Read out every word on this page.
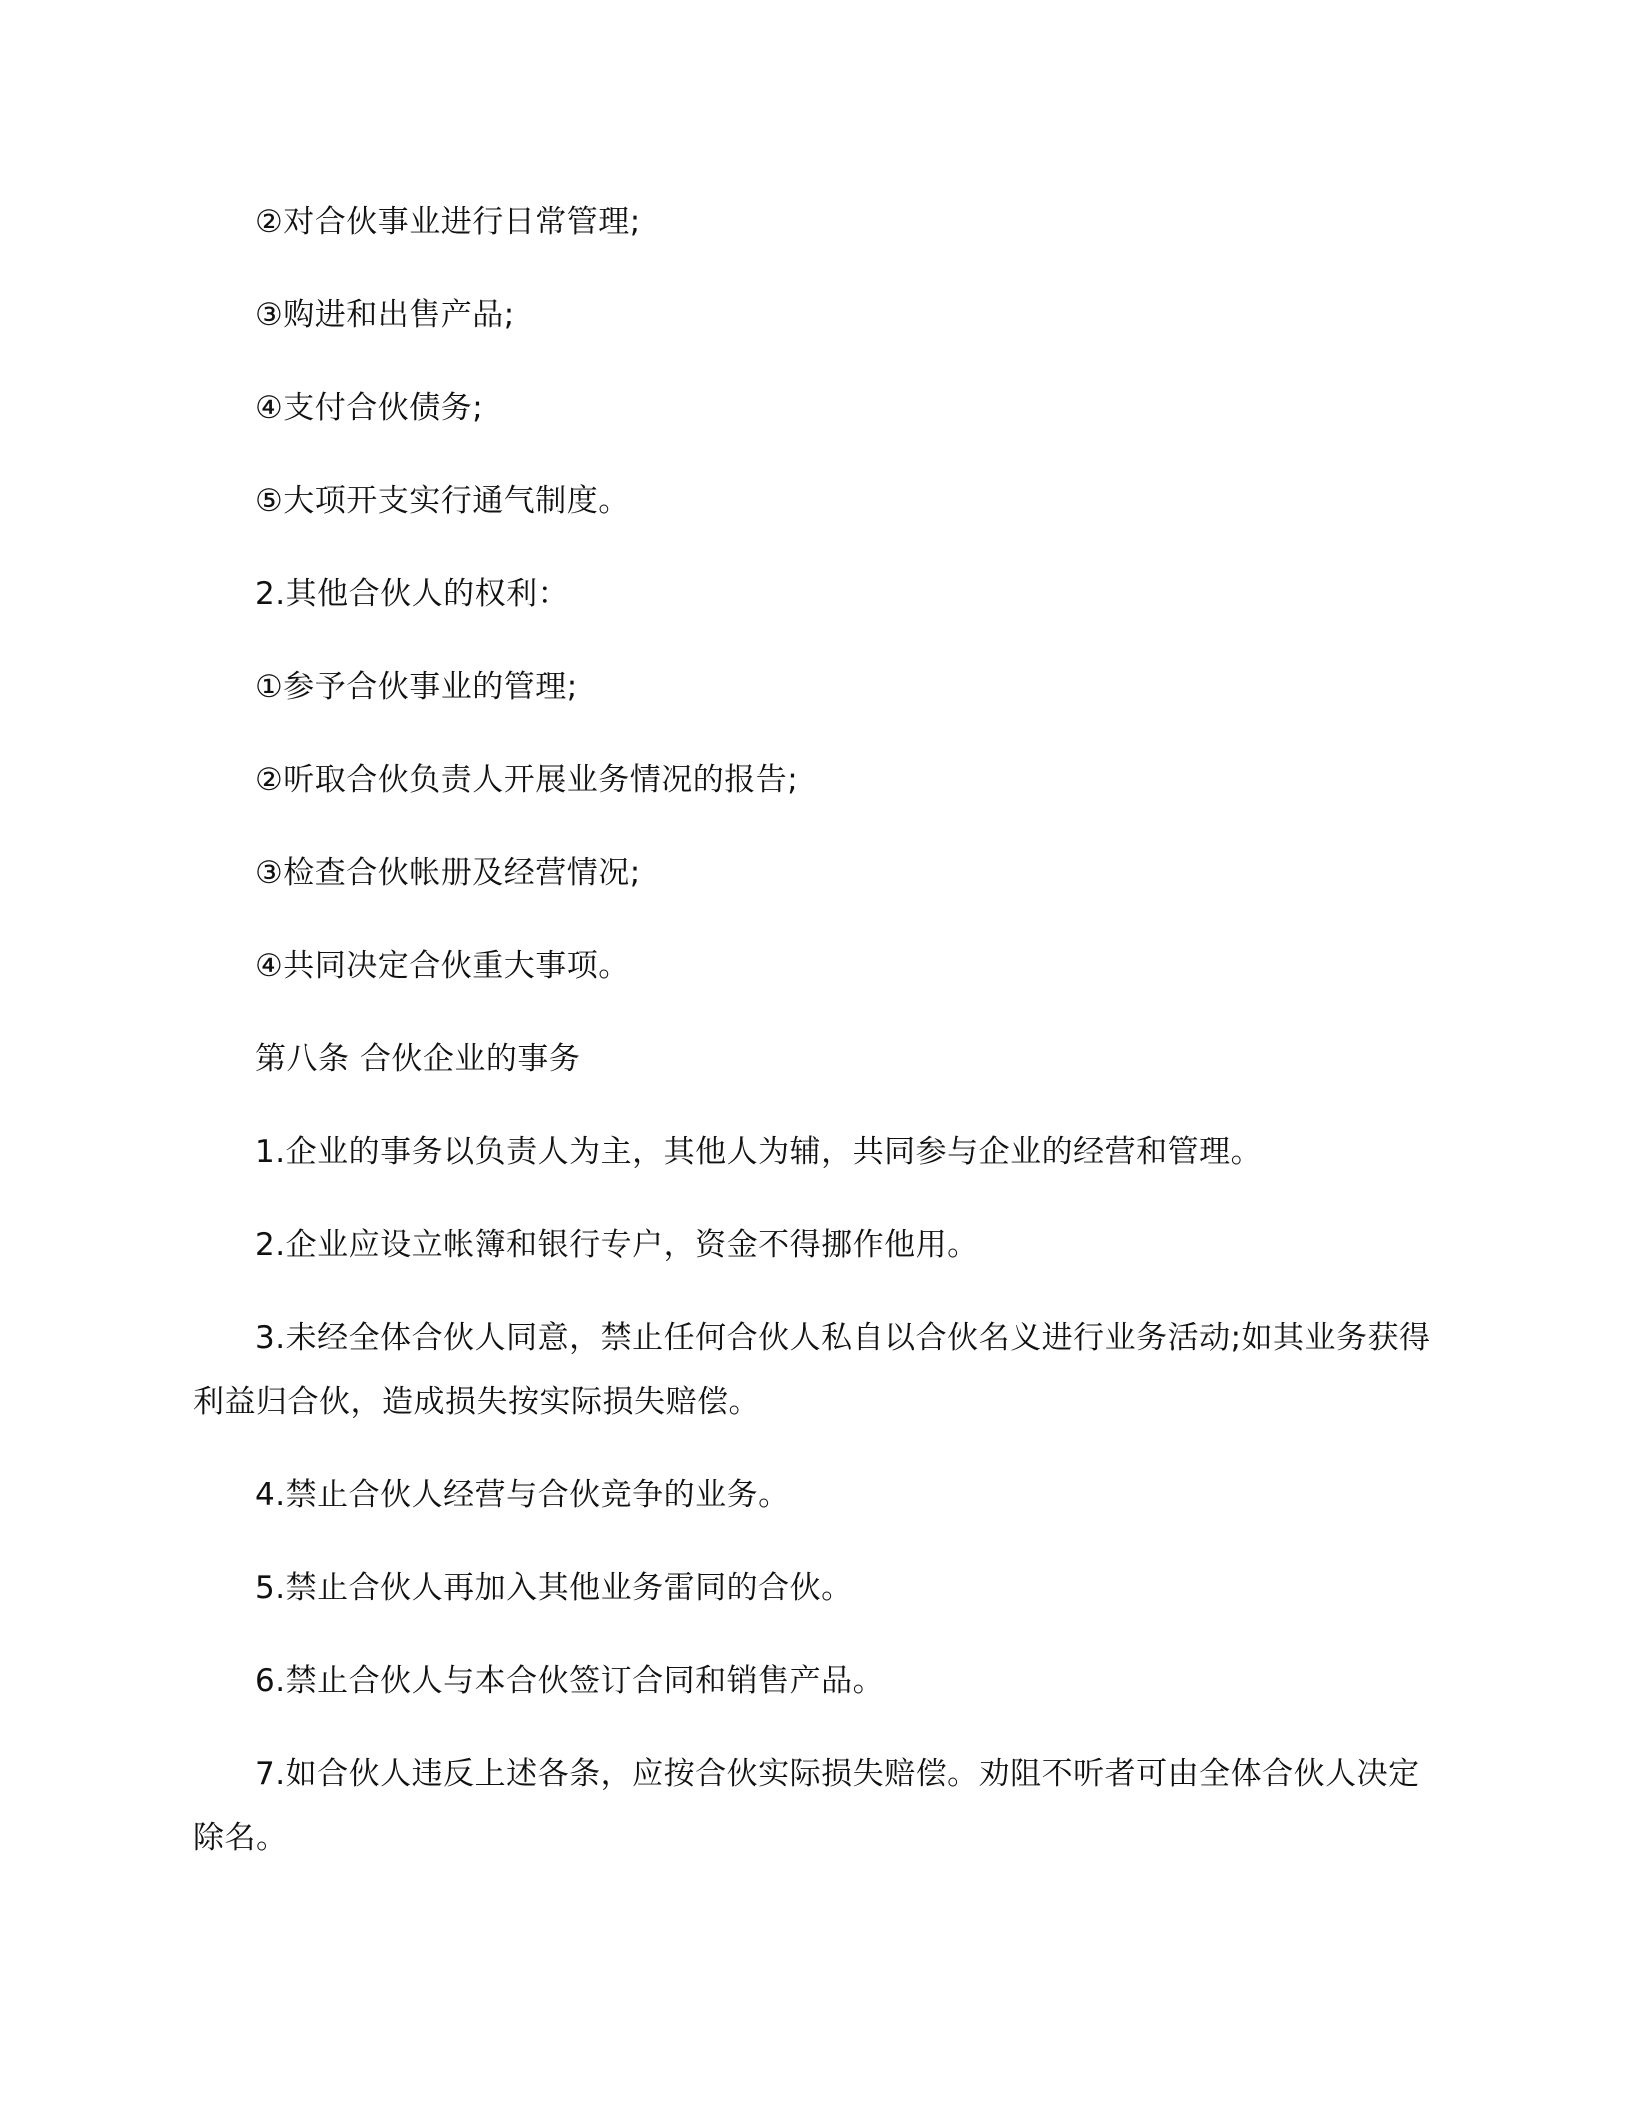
②对合伙事业进行日常管理;

③购进和出售产品;

④支付合伙债务;

⑤大项开支实行通气制度。

2.其他合伙人的权利：

①参予合伙事业的管理;

②听取合伙负责人开展业务情况的报告;

③检查合伙帐册及经营情况;

④共同决定合伙重大事项。

第八条 合伙企业的事务

1.企业的事务以负责人为主，其他人为辅，共同参与企业的经营和管理。

2.企业应设立帐簿和银行专户，资金不得挪作他用。

3.未经全体合伙人同意，禁止任何合伙人私自以合伙名义进行业务活动;如其业务获得利益归合伙，造成损失按实际损失赔偿。

4.禁止合伙人经营与合伙竞争的业务。

5.禁止合伙人再加入其他业务雷同的合伙。

6.禁止合伙人与本合伙签订合同和销售产品。

7.如合伙人违反上述各条，应按合伙实际损失赔偿。劝阻不听者可由全体合伙人决定除名。
